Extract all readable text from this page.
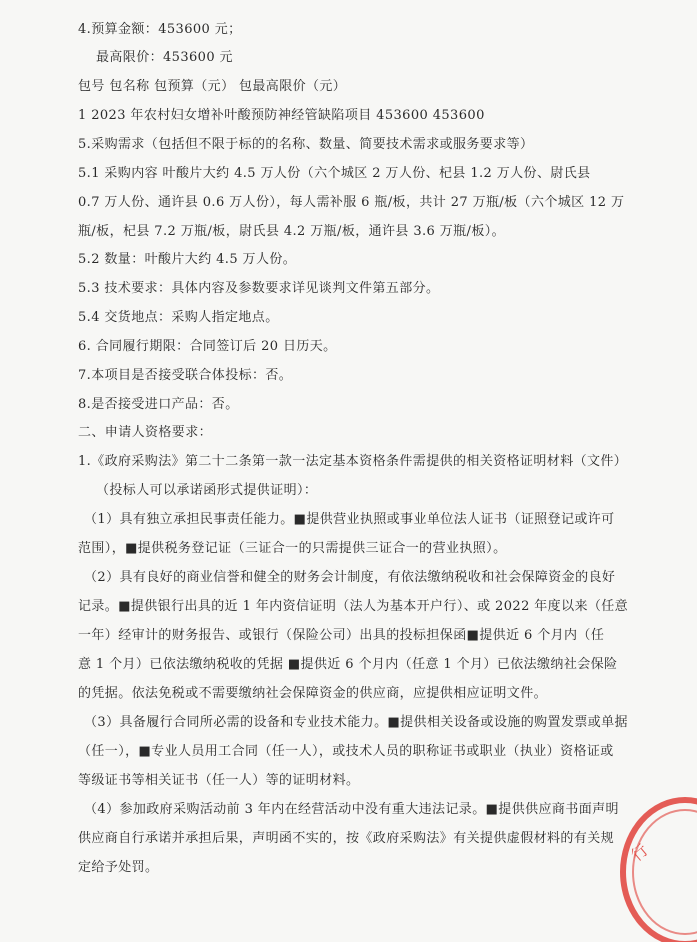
4.预算金额：453600 元；
最高限价：453600 元
包号 包名称 包预算（元） 包最高限价（元）
1 2023 年农村妇女增补叶酸预防神经管缺陷项目 453600 453600
5.采购需求（包括但不限于标的的名称、数量、简要技术需求或服务要求等）
5.1 采购内容 叶酸片大约 4.5 万人份（六个城区 2 万人份、杞县 1.2 万人份、尉氏县
0.7 万人份、通许县 0.6 万人份），每人需补服 6 瓶/板，共计 27 万瓶/板（六个城区 12 万
瓶/板，杞县 7.2 万瓶/板，尉氏县 4.2 万瓶/板，通许县 3.6 万瓶/板）。
5.2 数量：叶酸片大约 4.5 万人份。
5.3 技术要求：具体内容及参数要求详见谈判文件第五部分。
5.4 交货地点：采购人指定地点。
6. 合同履行期限：合同签订后 20 日历天。
7.本项目是否接受联合体投标：否。
8.是否接受进口产品：否。
二、申请人资格要求：
1.《政府采购法》第二十二条第一款一法定基本资格条件需提供的相关资格证明材料（文件）
（投标人可以承诺函形式提供证明）：
（1）具有独立承担民事责任能力。■提供营业执照或事业单位法人证书（证照登记或许可
范围），■提供税务登记证（三证合一的只需提供三证合一的营业执照）。
（2）具有良好的商业信誉和健全的财务会计制度，有依法缴纳税收和社会保障资金的良好
记录。■提供银行出具的近 1 年内资信证明（法人为基本开户行）、或 2022 年度以来（任意
一年）经审计的财务报告、或银行（保险公司）出具的投标担保函■提供近 6 个月内（任
意 1 个月）已依法缴纳税收的凭据 ■提供近 6 个月内（任意 1 个月）已依法缴纳社会保险
的凭据。依法免税或不需要缴纳社会保障资金的供应商，应提供相应证明文件。
（3）具备履行合同所必需的设备和专业技术能力。■提供相关设备或设施的购置发票或单据
（任一），■专业人员用工合同（任一人），或技术人员的职称证书或职业（执业）资格证或
等级证书等相关证书（任一人）等的证明材料。
（4）参加政府采购活动前 3 年内在经营活动中没有重大违法记录。■提供供应商书面声明
供应商自行承诺并承担后果，声明函不实的，按《政府采购法》有关提供虚假材料的有关规
定给予处罚。
行
